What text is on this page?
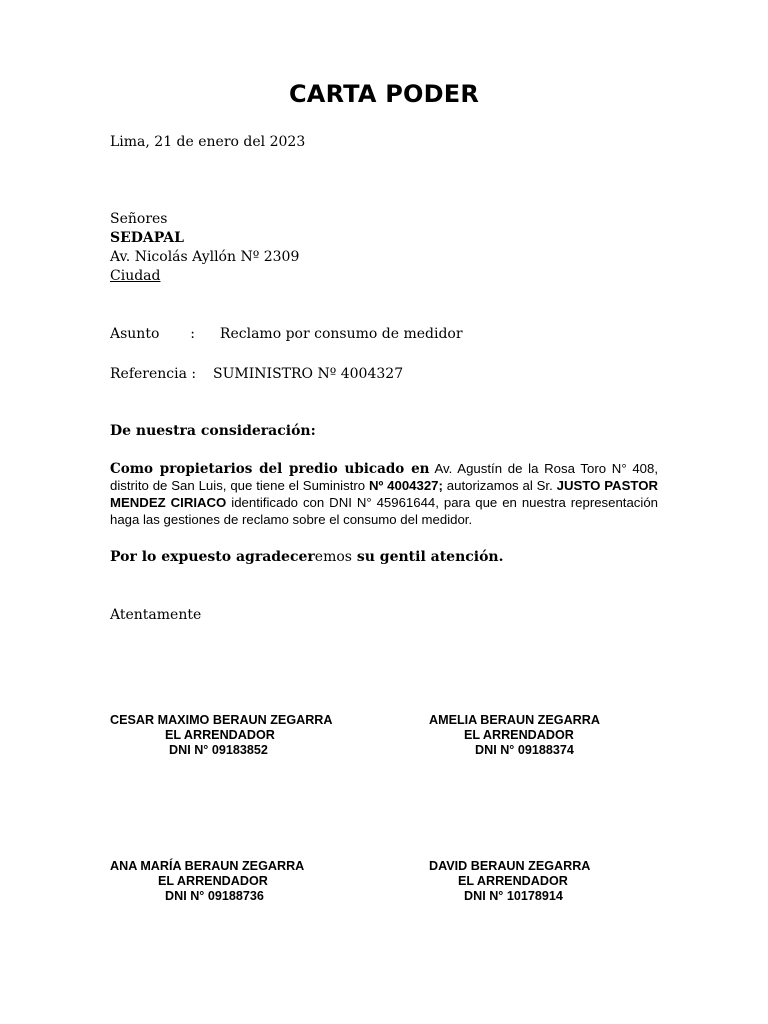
CARTA PODER
Lima, 21 de enero del 2023
Señores
SEDAPAL
Av. Nicolás Ayllón Nº 2309
Ciudad
Asunto : Reclamo por consumo de medidor
Referencia : SUMINISTRO Nº 4004327
De nuestra consideración:
Como propietarios del predio ubicado en Av. Agustín de la Rosa Toro N° 408, distrito de San Luis, que tiene el Suministro Nº 4004327; autorizamos al Sr. JUSTO PASTOR MENDEZ CIRIACO identificado con DNI N° 45961644, para que en nuestra representación haga las gestiones de reclamo sobre el consumo del medidor.
Por lo expuesto agradeceremos su gentil atención.
Atentamente
CESAR MAXIMO BERAUN ZEGARRA
EL ARRENDADOR
DNI N° 09183852
AMELIA BERAUN ZEGARRA
EL ARRENDADOR
DNI N° 09188374
ANA MARÍA BERAUN ZEGARRA
EL ARRENDADOR
DNI N° 09188736
DAVID BERAUN ZEGARRA
EL ARRENDADOR
DNI N° 10178914
